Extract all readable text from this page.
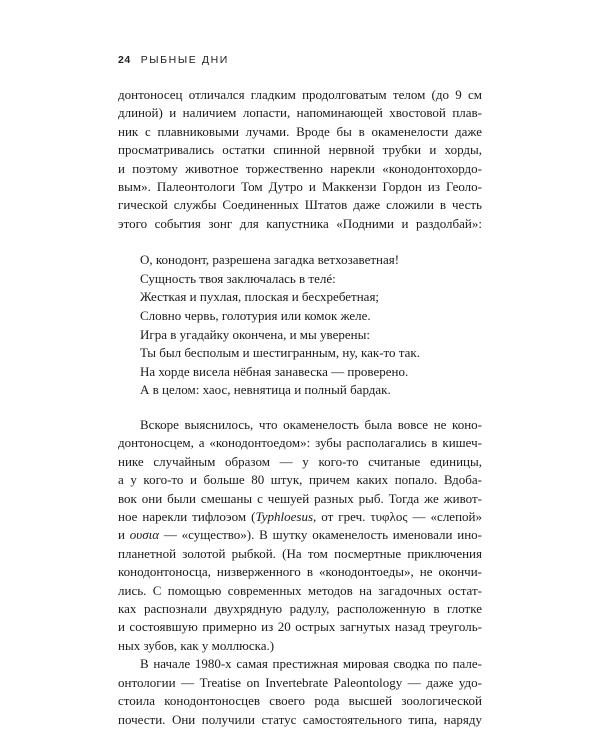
24 РЫБНЫЕ ДНИ
донтоносец отличался гладким продолговатым телом (до 9 см
длиной) и наличием лопасти, напоминающей хвостовой плав-
ник с плавниковыми лучами. Вроде бы в окаменелости даже
просматривались остатки спинной нервной трубки и хорды,
и поэтому животное торжественно нарекли «конодонтохордо-
вым». Палеонтологи Том Дутро и Маккензи Гордон из Геоло-
гической службы Соединенных Штатов даже сложили в честь
этого события зонг для капустника «Подними и раздолбай»:
О, конодонт, разрешена загадка ветхозаветная!
Сущность твоя заключалась в телé:
Жесткая и пухлая, плоская и бесхребетная;
Словно червь, голотурия или комок желе.
Игра в угадайку окончена, и мы уверены:
Ты был бесполым и шестигранным, ну, как-то так.
На хорде висела нёбная занавеска — проверено.
А в целом: хаос, невнятица и полный бардак.
Вскоре выяснилось, что окаменелость была вовсе не коно-
донтоносцем, а «конодонтоедом»: зубы располагались в кишеч-
нике случайным образом — у кого-то считаные единицы,
а у кого-то и больше 80 штук, причем каких попало. Вдоба-
вок они были смешаны с чешуей разных рыб. Тогда же живот-
ное нарекли тифлоэом (Typhloesus, от греч. τυφλος — «слепой»
и ουσια — «существо»). В шутку окаменелость именовали ино-
планетной золотой рыбкой. (На том посмертные приключения
конодонтоносца, низверженного в «конодонтоеды», не окончи-
лись. С помощью современных методов на загадочных остат-
ках распознали двухрядную радулу, расположенную в глотке
и состоявшую примерно из 20 острых загнутых назад треуголь-
ных зубов, как у моллюска.)
В начале 1980-х самая престижная мировая сводка по пале-
онтологии — Treatise on Invertebrate Paleontology — даже удо-
стоила конодонтоносцев своего рода высшей зоологической
почести. Они получили статус самостоятельного типа, наряду
